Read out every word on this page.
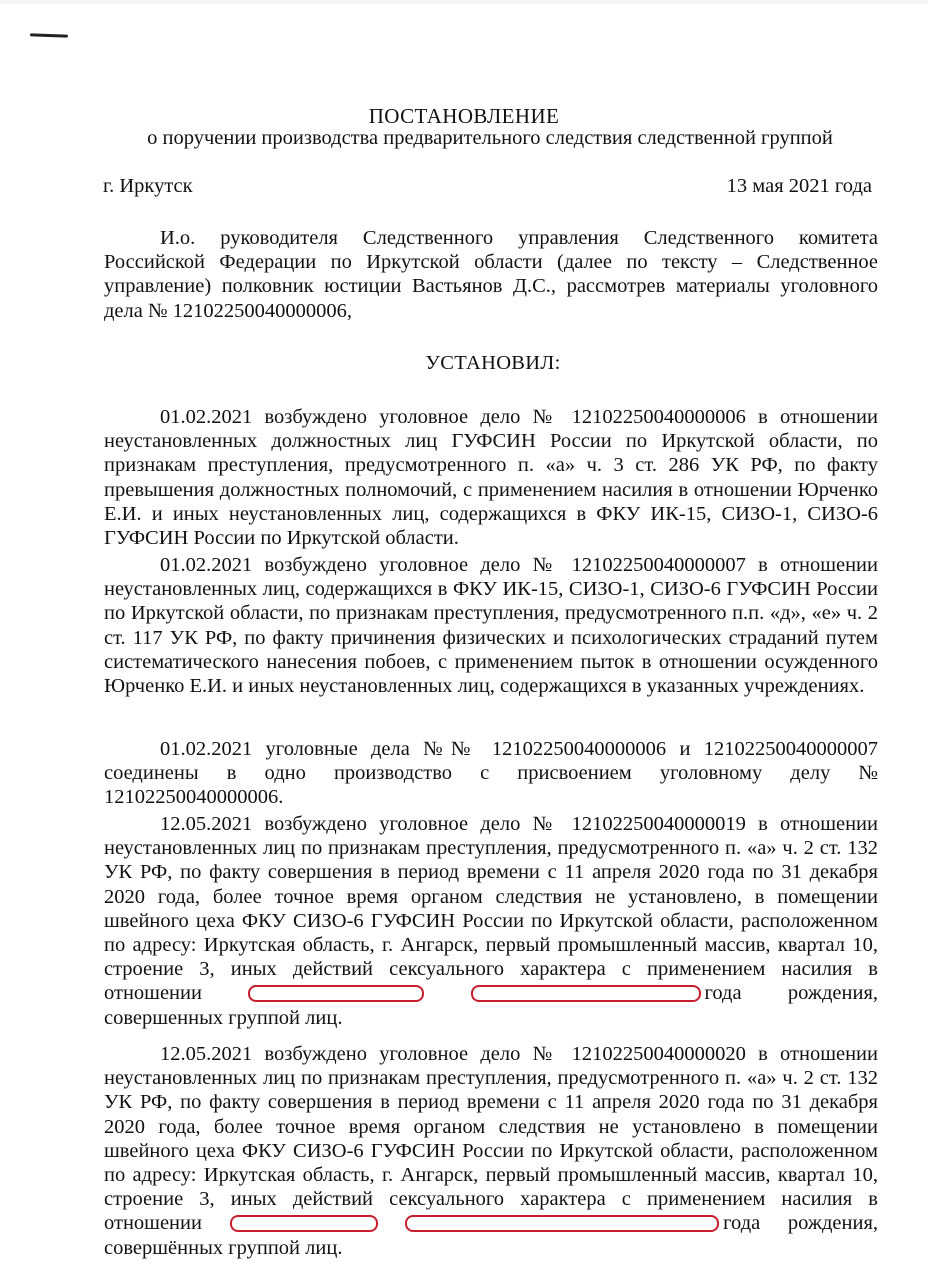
ПОСТАНОВЛЕНИЕ
о поручении производства предварительного следствия следственной группой
г. Иркутск	13 мая 2021 года

И.о. руководителя Следственного управления Следственного комитета Российской Федерации по Иркутской области (далее по тексту – Следственное управление) полковник юстиции Вастьянов Д.С., рассмотрев материалы уголовного дела № 12102250040000006,

УСТАНОВИЛ:

01.02.2021 возбуждено уголовное дело № 12102250040000006 в отношении неустановленных должностных лиц ГУФСИН России по Иркутской области, по признакам преступления, предусмотренного п. «а» ч. 3 ст. 286 УК РФ, по факту превышения должностных полномочий, с применением насилия в отношении Юрченко Е.И. и иных неустановленных лиц, содержащихся в ФКУ ИК-15, СИЗО-1, СИЗО-6 ГУФСИН России по Иркутской области.

01.02.2021 возбуждено уголовное дело № 12102250040000007 в отношении неустановленных лиц, содержащихся в ФКУ ИК-15, СИЗО-1, СИЗО-6 ГУФСИН России по Иркутской области, по признакам преступления, предусмотренного п.п. «д», «е» ч. 2 ст. 117 УК РФ, по факту причинения физических и психологических страданий путем систематического нанесения побоев, с применением пыток в отношении осужденного Юрченко Е.И. и иных неустановленных лиц, содержащихся в указанных учреждениях.

01.02.2021 уголовные дела №№ 12102250040000006 и 12102250040000007 соединены в одно производство с присвоением уголовному делу № 12102250040000006.

12.05.2021 возбуждено уголовное дело № 12102250040000019 в отношении неустановленных лиц по признакам преступления, предусмотренного п. «а» ч. 2 ст. 132 УК РФ, по факту совершения в период времени с 11 апреля 2020 года по 31 декабря 2020 года, более точное время органом следствия не установлено, в помещении швейного цеха ФКУ СИЗО-6 ГУФСИН России по Иркутской области, расположенном по адресу: Иркутская область, г. Ангарск, первый промышленный массив, квартал 10, строение 3, иных действий сексуального характера с применением насилия в отношении	года рождения, совершенных группой лиц.

12.05.2021 возбуждено уголовное дело № 12102250040000020 в отношении неустановленных лиц по признакам преступления, предусмотренного п. «а» ч. 2 ст. 132 УК РФ, по факту совершения в период времени с 11 апреля 2020 года по 31 декабря 2020 года, более точное время органом следствия не установлено в помещении швейного цеха ФКУ СИЗО-6 ГУФСИН России по Иркутской области, расположенном по адресу: Иркутская область, г. Ангарск, первый промышленный массив, квартал 10, строение 3, иных действий сексуального характера с применением насилия в отношении	года рождения, совершённых группой лиц.
